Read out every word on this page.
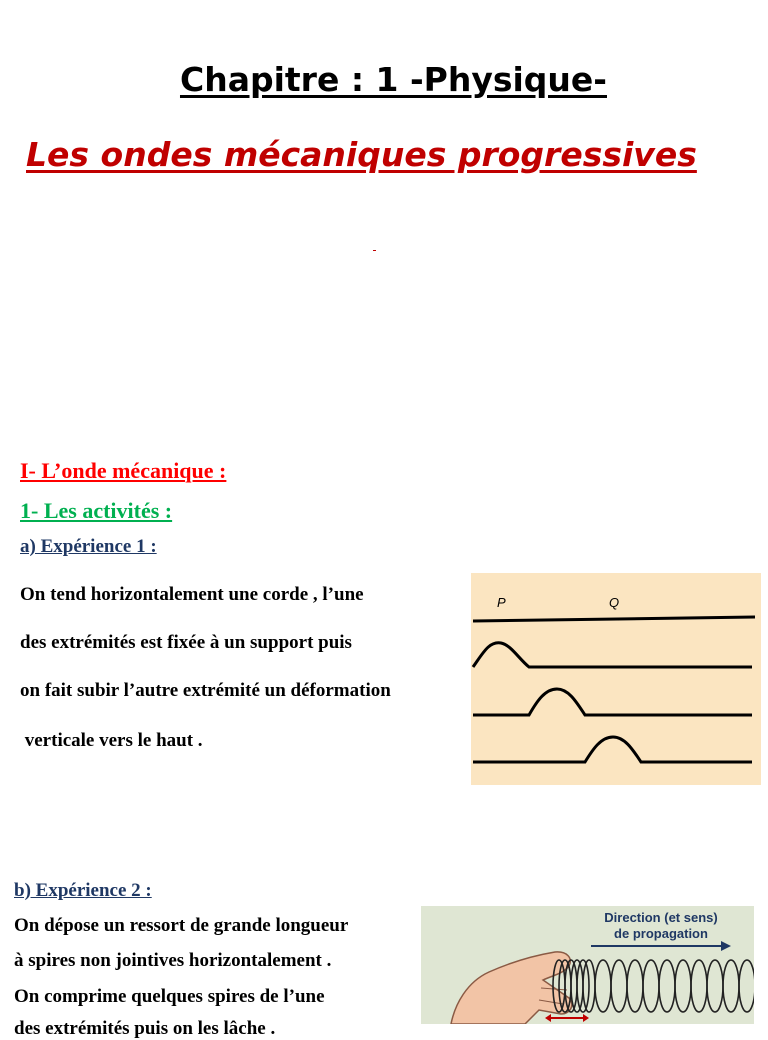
Chapitre : 1 -Physique-
Les ondes mécaniques progressives
I- L’onde mécanique :
1- Les activités :
a) Expérience 1 :
On tend horizontalement une corde , l’une
des extrémités est fixée à un support puis
on fait subir l’autre extrémité un déformation
verticale vers le haut .
P	Q
b) Expérience 2 :
On dépose un ressort de grande longueur
à spires non jointives horizontalement .
On comprime quelques spires de l’une
des extrémités puis on les lâche .
Direction (et sens)
de propagation
